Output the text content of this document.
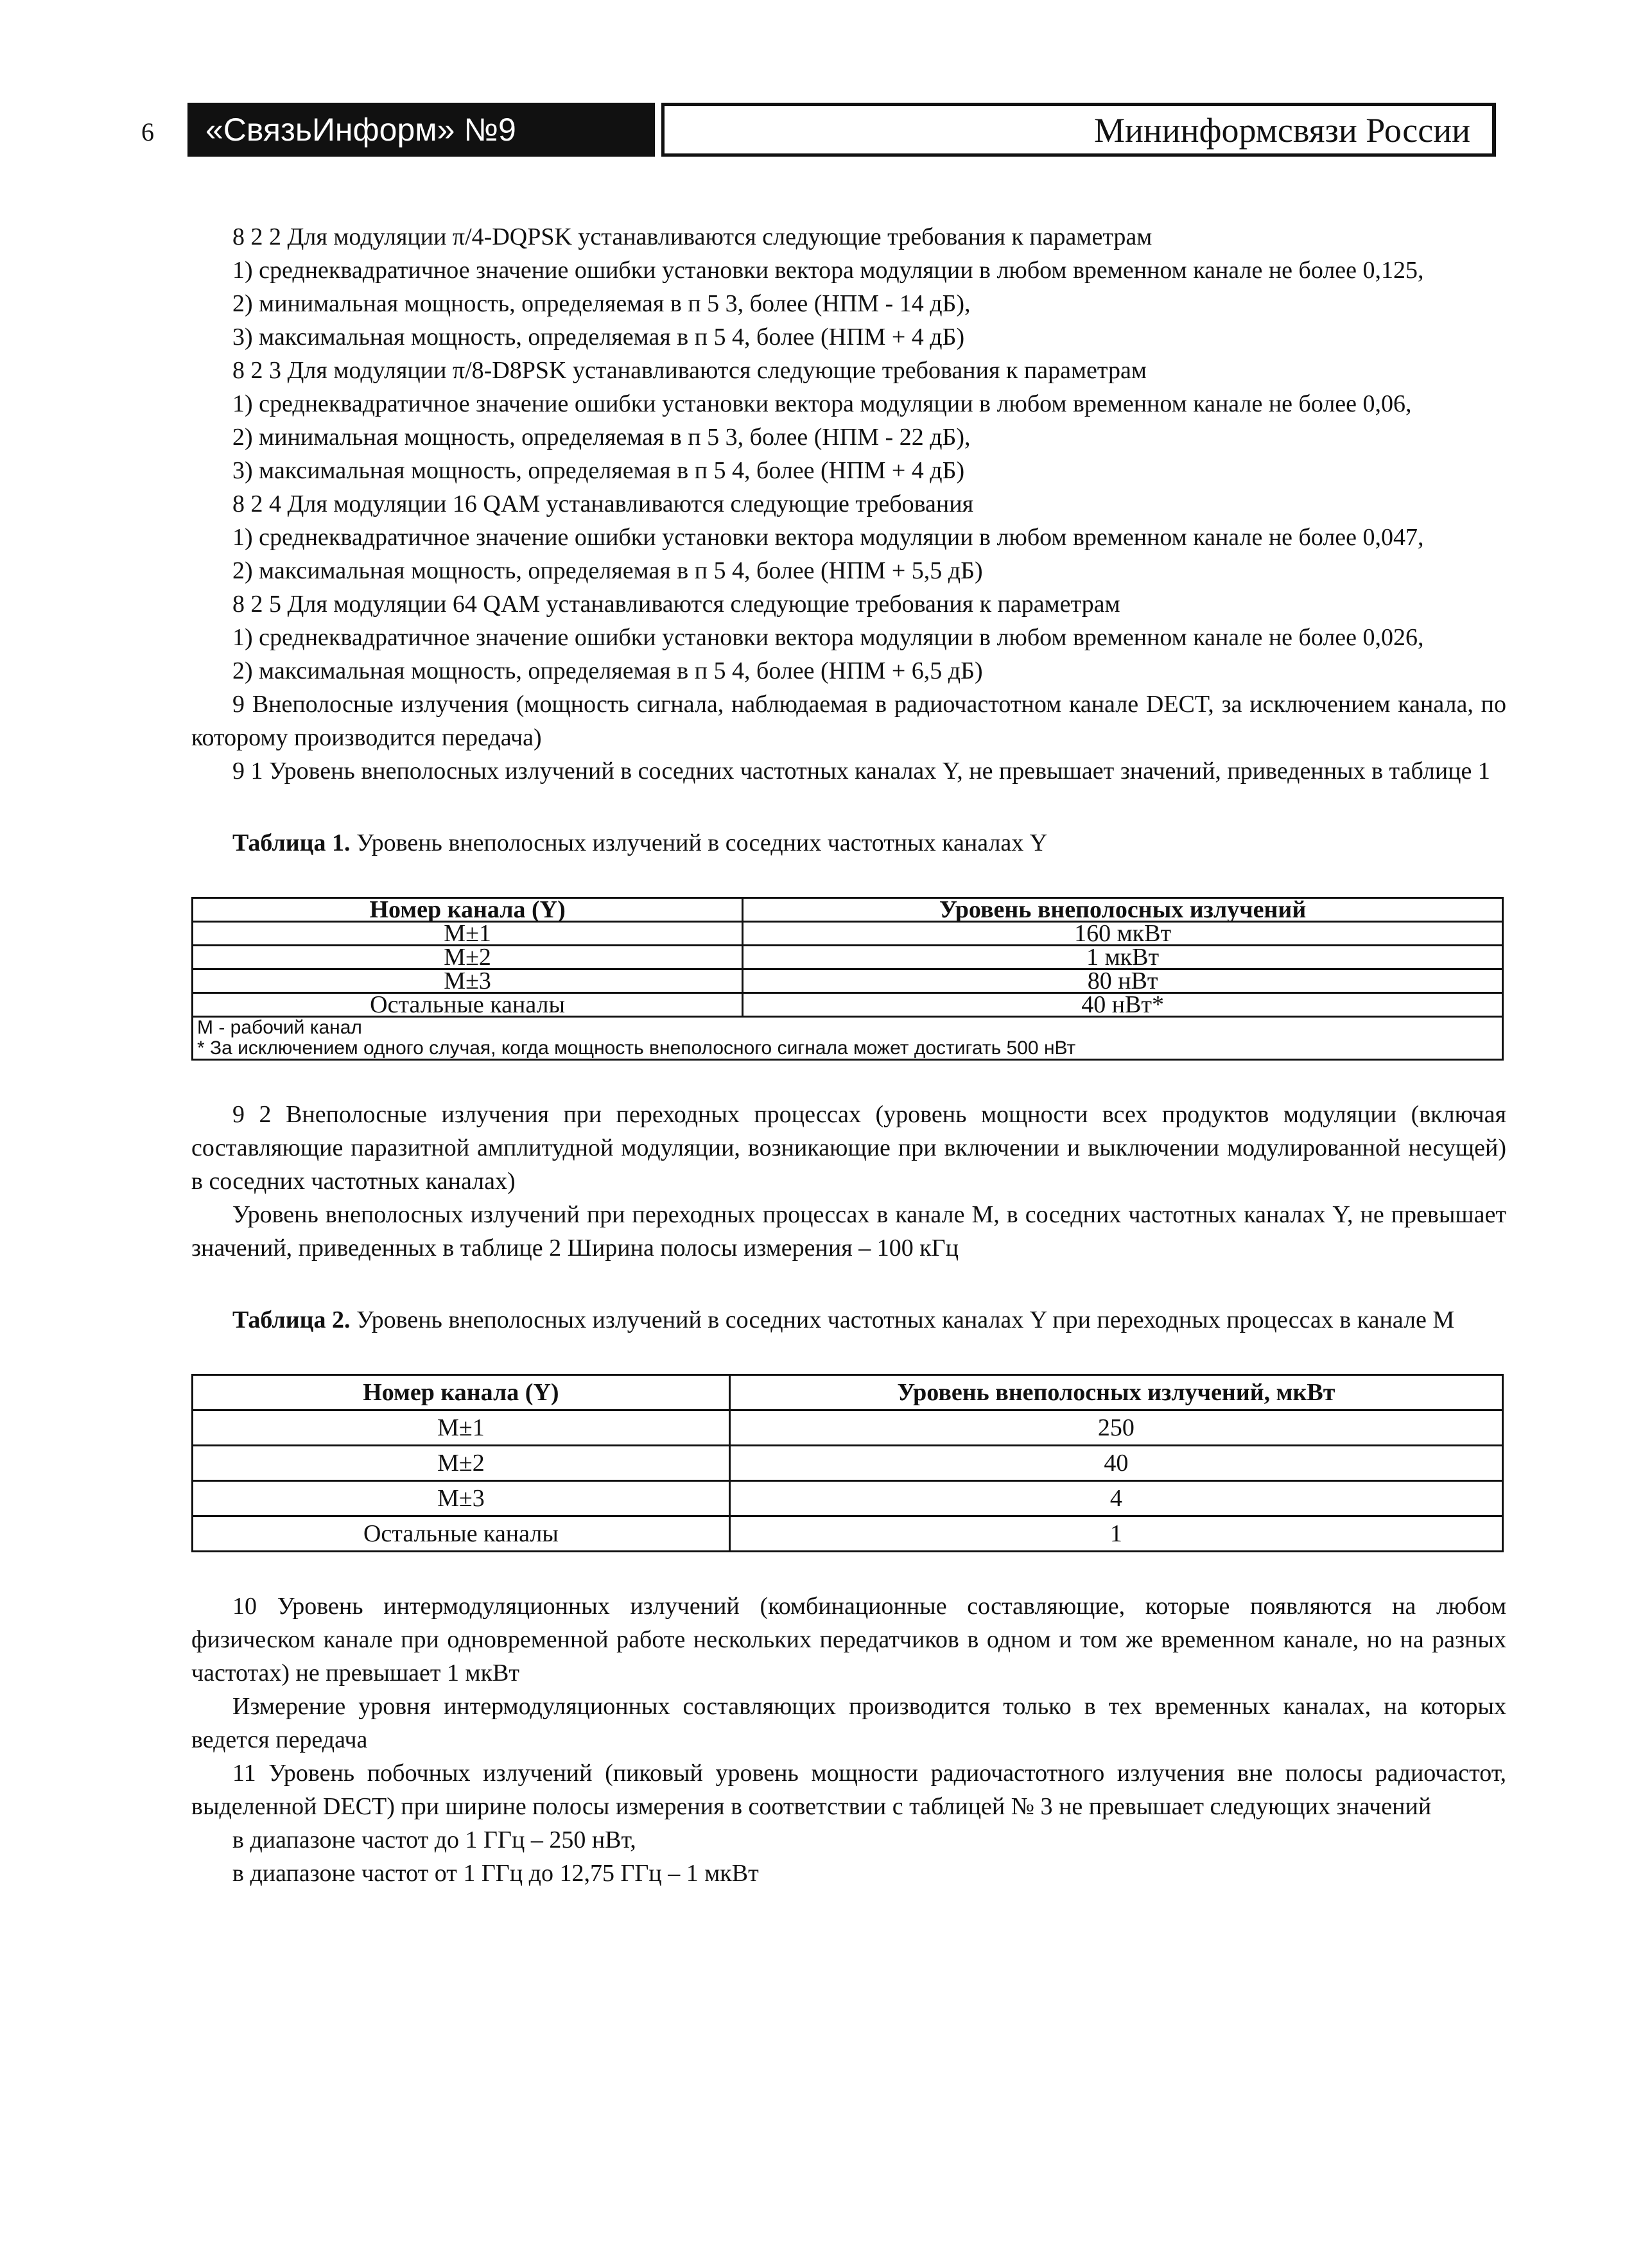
6	«СвязьИнформ» №9	Мининформсвязи России

8 2 2 Для модуляции π/4-DQPSK устанавливаются следующие требования к параметрам

1) среднеквадратичное значение ошибки установки вектора модуляции в любом временном канале не более 0,125,

2) минимальная мощность, определяемая в п 5 3, более (НПМ - 14 дБ),

3) максимальная мощность, определяемая в п 5 4, более (НПМ + 4 дБ)

8 2 3 Для модуляции π/8-D8PSK устанавливаются следующие требования к параметрам

1) среднеквадратичное значение ошибки установки вектора модуляции в любом временном канале не более 0,06,

2) минимальная мощность, определяемая в п 5 3, более (НПМ - 22 дБ),

3) максимальная мощность, определяемая в п 5 4, более (НПМ + 4 дБ)

8 2 4 Для модуляции 16 QAM устанавливаются следующие требования

1) среднеквадратичное значение ошибки установки вектора модуляции в любом временном канале не более 0,047,

2) максимальная мощность, определяемая в п 5 4, более (НПМ + 5,5 дБ)

8 2 5 Для модуляции 64 QAM устанавливаются следующие требования к параметрам

1) среднеквадратичное значение ошибки установки вектора модуляции в любом временном канале не более 0,026,

2) максимальная мощность, определяемая в п 5 4, более (НПМ + 6,5 дБ)

9 Внеполосные излучения (мощность сигнала, наблюдаемая в радиочастотном канале DECT, за исключением канала, по которому производится передача)

9 1 Уровень внеполосных излучений в соседних частотных каналах Y, не превышает значений, приведенных в таблице 1

Таблица 1. Уровень внеполосных излучений в соседних частотных каналах Y

Номер канала (Y)	Уровень внеполосных излучений
M±1	160 мкВт
M±2	1 мкВт
M±3	80 нВт
Остальные каналы	40 нВт*
М - рабочий канал	
* За исключением одного случая, когда мощность внеполосного сигнала может достигать 500 нВт	

9 2 Внеполосные излучения при переходных процессах (уровень мощности всех продуктов модуляции (включая составляющие паразитной амплитудной модуляции, возникающие при включении и выключении модулированной несущей) в соседних частотных каналах)

Уровень внеполосных излучений при переходных процессах в канале M, в соседних частотных каналах Y, не превышает значений, приведенных в таблице 2 Ширина полосы измерения – 100 кГц

Таблица 2. Уровень внеполосных излучений в соседних частотных каналах Y при переходных процессах в канале M

Номер канала (Y)	Уровень внеполосных излучений, мкВт
M±1	250
M±2	40
M±3	4
Остальные каналы	1

10 Уровень интермодуляционных излучений (комбинационные составляющие, которые появляются на любом физическом канале при одновременной работе нескольких передатчиков в одном и том же временном канале, но на разных частотах) не превышает 1 мкВт

Измерение уровня интермодуляционных составляющих производится только в тех временных каналах, на которых ведется передача

11 Уровень побочных излучений (пиковый уровень мощности радиочастотного излучения вне полосы радиочастот, выделенной DECT) при ширине полосы измерения в соответствии с таблицей № 3 не превышает следующих значений

в диапазоне частот до 1 ГГц – 250 нВт,

в диапазоне частот от 1 ГГц до 12,75 ГГц – 1 мкВт
